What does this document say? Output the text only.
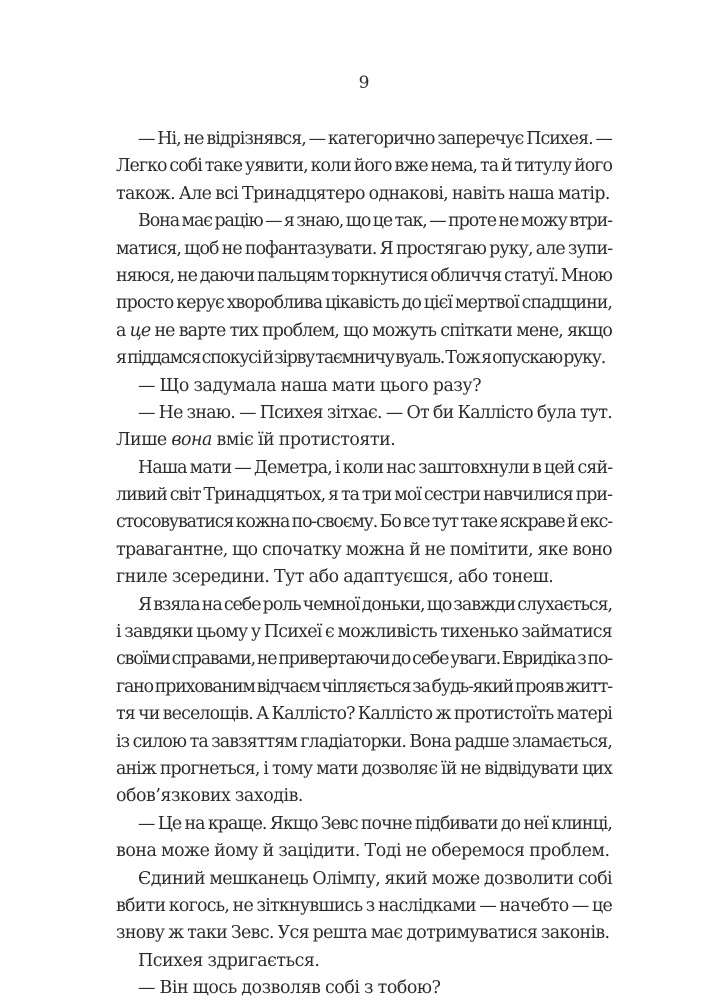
9
— Ні, не відрізнявся, — категорично заперечує Психея. —
Легко собі таке уявити, коли його вже нема, та й титулу його
також. Але всі Тринадцятеро однакові, навіть наша матір.
Вона має рацію — я знаю, що це так, — проте не можу втри-
матися, щоб не пофантазувати. Я простягаю руку, але зупи-
няюся, не даючи пальцям торкнутися обличчя статуї. Мною
просто керує хвороблива цікавість до цієї мертвої спадщини,
а це не варте тих проблем, що можуть спіткати мене, якщо
я піддамся спокусі й зірву таємничу вуаль. Тож я опускаю руку.
— Що задумала наша мати цього разу?
— Не знаю. — Психея зітхає. — От би Каллісто була тут.
Лише вона вміє їй протистояти.
Наша мати — Деметра, і коли нас заштовхнули в цей сяй-
ливий світ Тринадцятьох, я та три мої сестри навчилися при-
стосовуватися кожна по-своєму. Бо все тут таке яскраве й екс-
травагантне, що спочатку можна й не помітити, яке воно
гниле зсередини. Тут або адаптуєшся, або тонеш.
Я взяла на себе роль чемної доньки, що завжди слухається,
і завдяки цьому у Психеї є можливість тихенько займатися
своїми справами, не привертаючи до себе уваги. Евридіка з по-
гано прихованим відчаєм чіпляється за будь-який прояв житт-
тя чи веселощів. А Каллісто? Каллісто ж протистоїть матері
із силою та завзяттям гладіаторки. Вона радше зламається,
аніж прогнеться, і тому мати дозволяє їй не відвідувати цих
обов’язкових заходів.
— Це на краще. Якщо Зевс почне підбивати до неї клинці,
вона може йому й зацідити. Тоді не оберемося проблем.
Єдиний мешканець Олімпу, який може дозволити собі
вбити когось, не зіткнувшись з наслідками — начебто — це
знову ж таки Зевс. Уся решта має дотримуватися законів.
Психея здригається.
— Він щось дозволяв собі з тобою?
